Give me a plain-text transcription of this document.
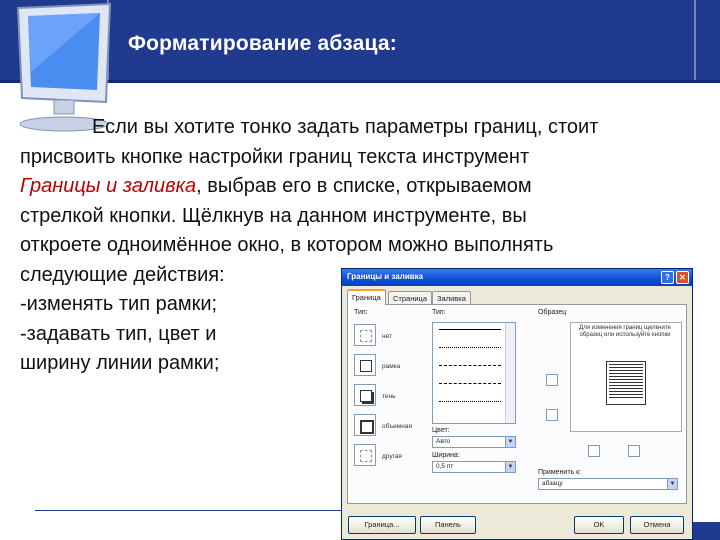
Форматирование абзаца:
Если вы хотите тонко задать параметры границ, стоит
присвоить кнопке настройки границ текста инструмент
Границы и заливка, выбрав его в списке, открываемом
стрелкой кнопки. Щёлкнув на данном инструменте, вы
откроете одноимённое окно, в котором можно выполнять
следующие действия:
-изменять тип рамки;
-задавать тип, цвет и
ширину линии рамки;
Границы и заливка	?	✕
Граница	Страница	Заливка
Тип:
нет
рамка
тень
объемная
другая
Тип:
Цвет:
Авто	▼
Ширина:
0,5 пт	▼
Образец
Для изменения границ щелкните образец или используйте кнопки
Применить к:
абзацу	▼
Граница...	Панель	OK	Отмена
